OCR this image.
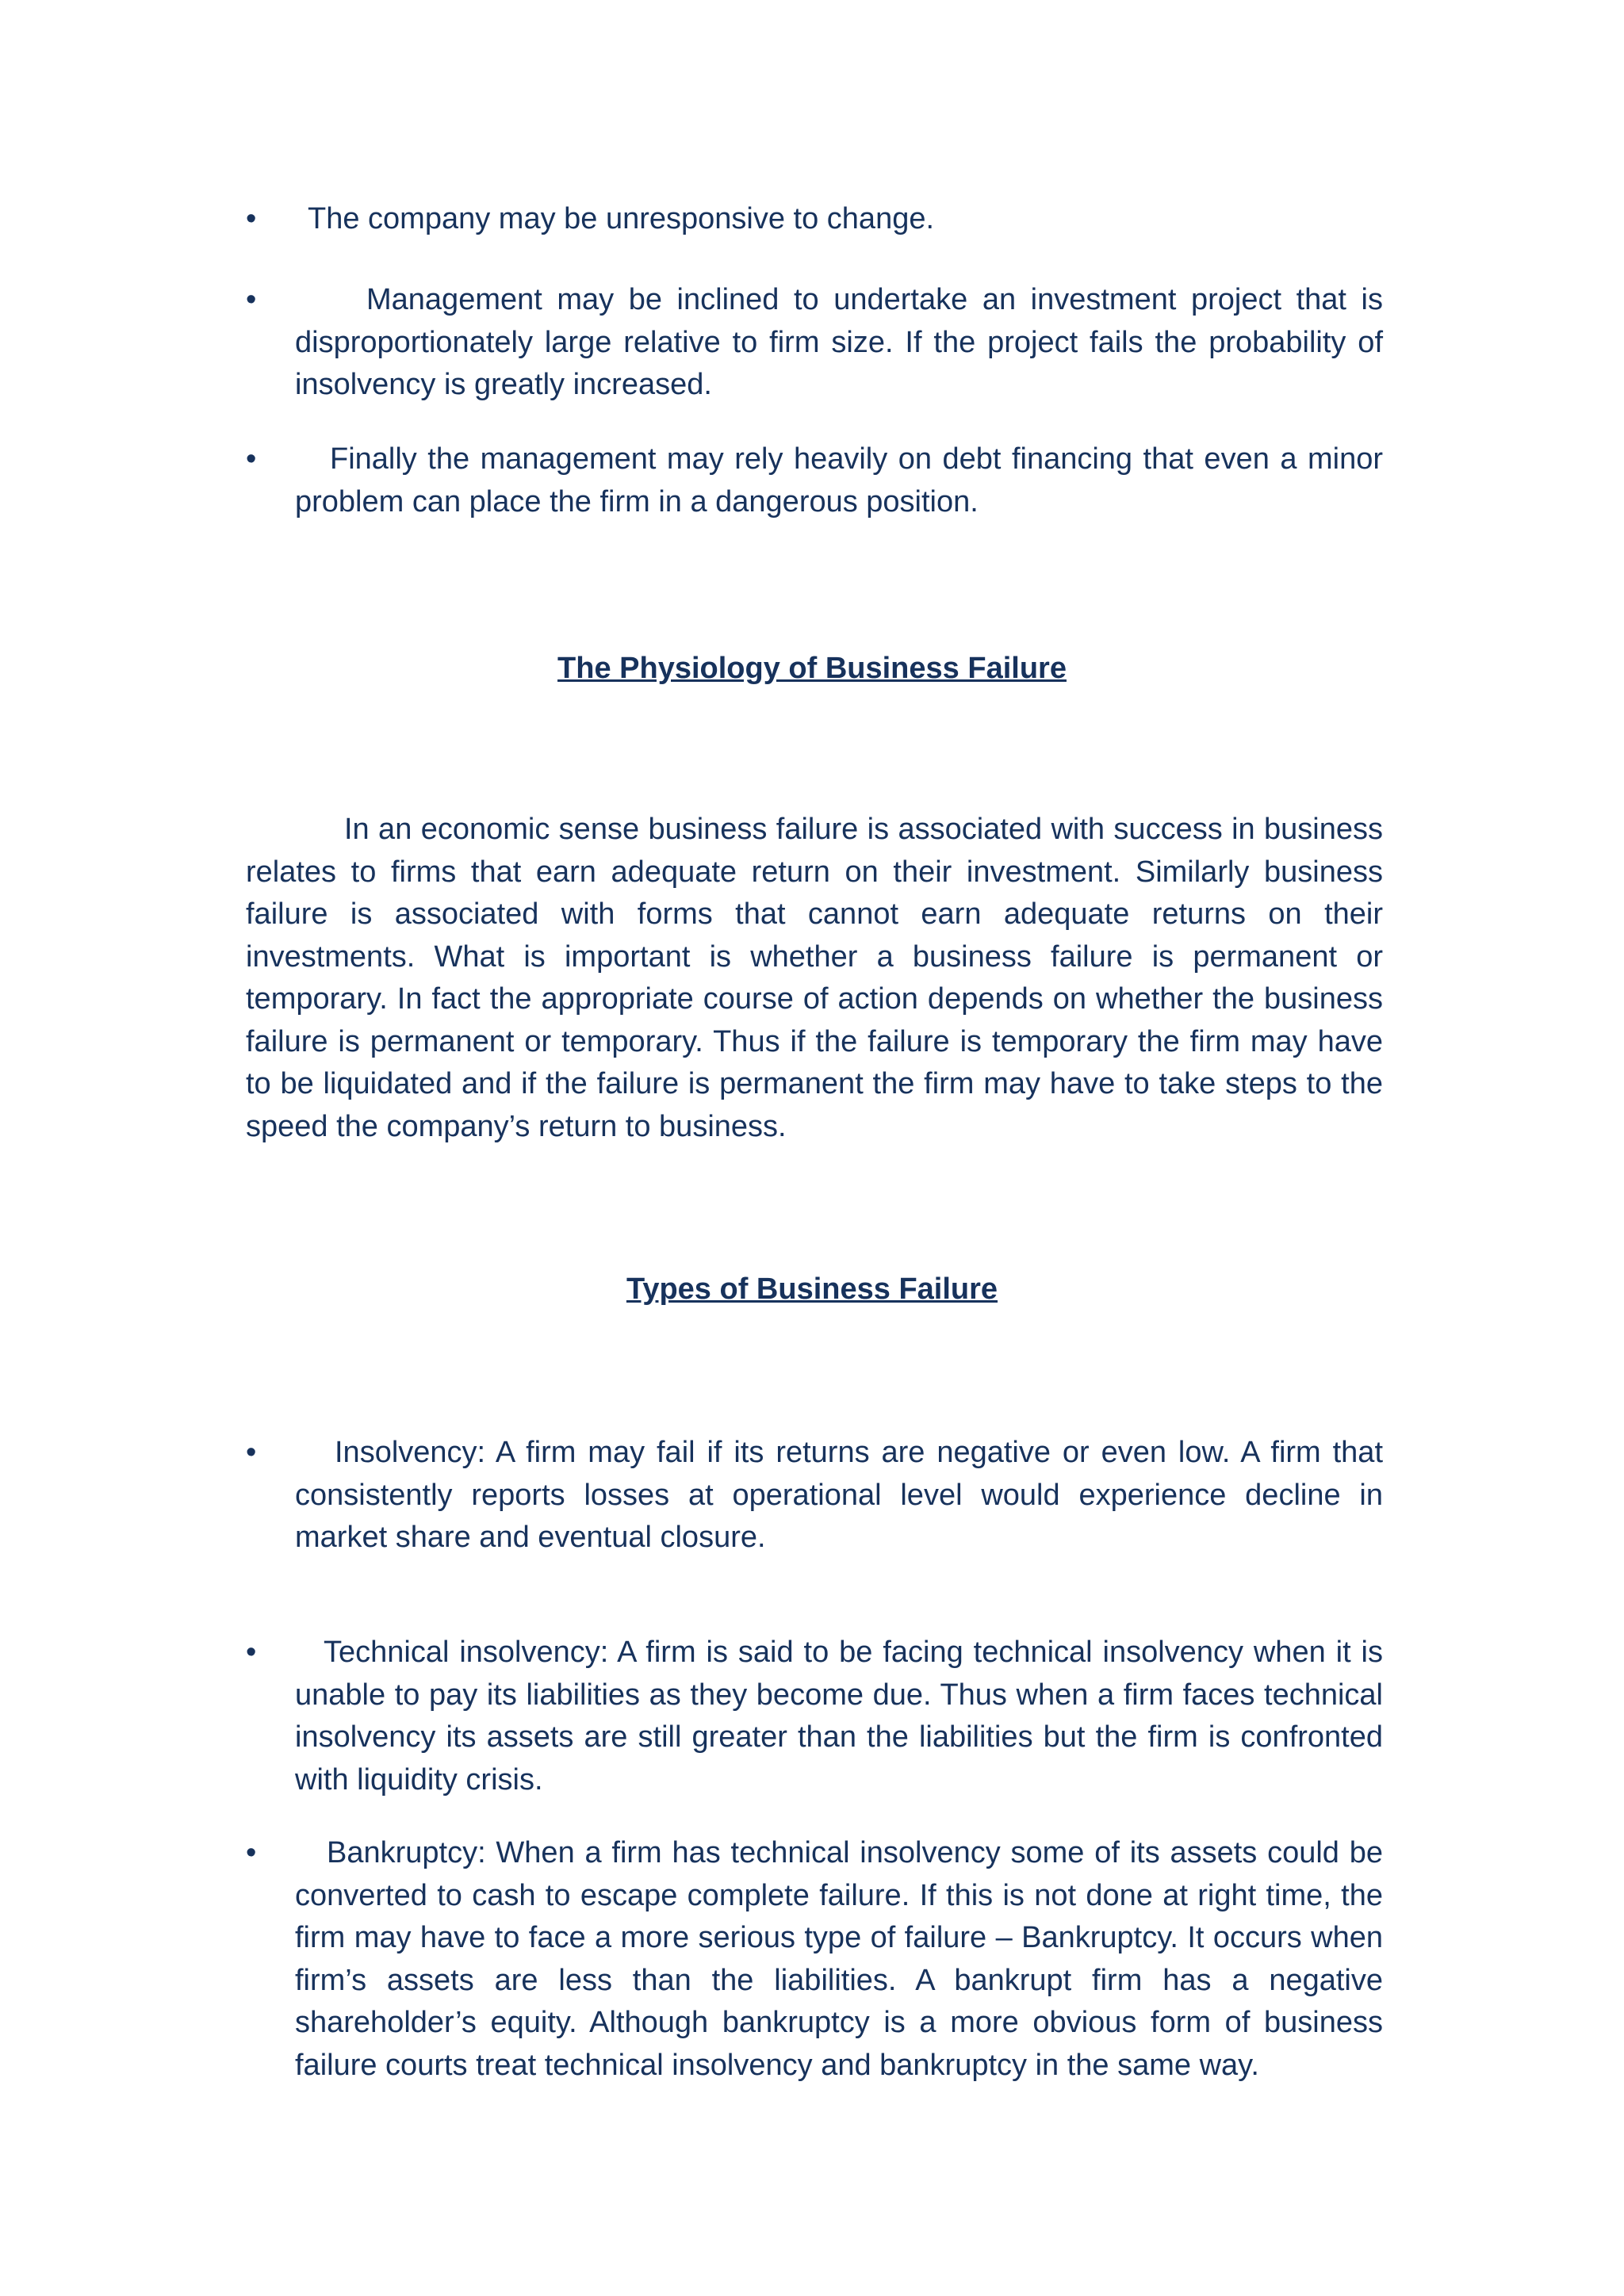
•	The company may be unresponsive to change.
•	Management may be inclined to undertake an investment project that is disproportionately large relative to firm size. If the project fails the probability of insolvency is greatly increased.
•	Finally the management may rely heavily on debt financing that even a minor problem can place the firm in a dangerous position.
The Physiology of Business Failure

In an economic sense business failure is associated with success in business relates to firms that earn adequate return on their investment. Similarly business failure is associated with forms that cannot earn adequate returns on their investments. What is important is whether a business failure is permanent or temporary. In fact the appropriate course of action depends on whether the business failure is permanent or temporary. Thus if the failure is temporary the firm may have to be liquidated and if the failure is permanent the firm may have to take steps to the speed the company’s return to business.

Types of Business Failure
•	Insolvency: A firm may fail if its returns are negative or even low. A firm that consistently reports losses at operational level would experience decline in market share and eventual closure.
•	Technical insolvency: A firm is said to be facing technical insolvency when it is unable to pay its liabilities as they become due. Thus when a firm faces technical insolvency its assets are still greater than the liabilities but the firm is confronted with liquidity crisis.
•	Bankruptcy: When a firm has technical insolvency some of its assets could be converted to cash to escape complete failure. If this is not done at right time, the firm may have to face a more serious type of failure – Bankruptcy. It occurs when firm’s assets are less than the liabilities. A bankrupt firm has a negative shareholder’s equity. Although bankruptcy is a more obvious form of business failure courts treat technical insolvency and bankruptcy in the same way.
